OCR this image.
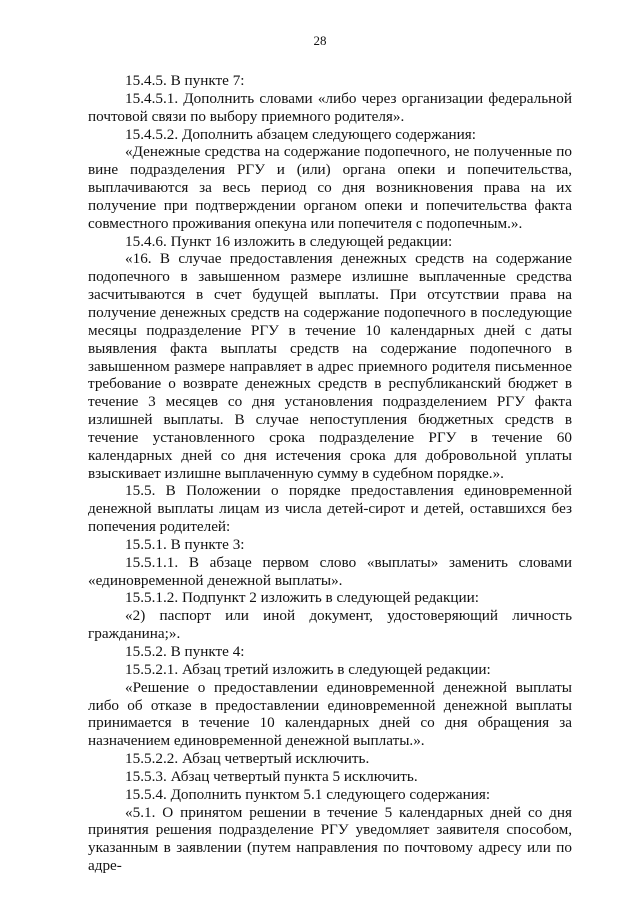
28

15.4.5. В пункте 7:

15.4.5.1. Дополнить словами «либо через организации федеральной почтовой связи по выбору приемного родителя».

15.4.5.2. Дополнить абзацем следующего содержания:

«Денежные средства на содержание подопечного, не полученные по вине подразделения РГУ и (или) органа опеки и попечительства, выплачиваются за весь период со дня возникновения права на их получение при подтверждении органом опеки и попечительства факта совместного проживания опекуна или попечителя с подопечным.».

15.4.6. Пункт 16 изложить в следующей редакции:

«16. В случае предоставления денежных средств на содержание подопечного в завышенном размере излишне выплаченные средства засчитываются в счет будущей выплаты. При отсутствии права на получение денежных средств на содержание подопечного в последующие месяцы подразделение РГУ в течение 10 календарных дней с даты выявления факта выплаты средств на содержание подопечного в завышенном размере направляет в адрес приемного родителя письменное требование о возврате денежных средств в республиканский бюджет в течение 3 месяцев со дня установления подразделением РГУ факта излишней выплаты. В случае непоступления бюджетных средств в течение установленного срока подразделение РГУ в течение 60 календарных дней со дня истечения срока для добровольной уплаты взыскивает излишне выплаченную сумму в судебном порядке.».

15.5. В Положении о порядке предоставления единовременной денежной выплаты лицам из числа детей-сирот и детей, оставшихся без попечения родителей:

15.5.1. В пункте 3:

15.5.1.1. В абзаце первом слово «выплаты» заменить словами «единовременной денежной выплаты».

15.5.1.2. Подпункт 2 изложить в следующей редакции:

«2) паспорт или иной документ, удостоверяющий личность гражданина;».

15.5.2. В пункте 4:

15.5.2.1. Абзац третий изложить в следующей редакции:

«Решение о предоставлении единовременной денежной выплаты либо об отказе в предоставлении единовременной денежной выплаты принимается в течение 10 календарных дней со дня обращения за назначением единовременной денежной выплаты.».

15.5.2.2. Абзац четвертый исключить.

15.5.3. Абзац четвертый пункта 5 исключить.

15.5.4. Дополнить пунктом 5.1 следующего содержания:

«5.1. О принятом решении в течение 5 календарных дней со дня принятия решения подразделение РГУ уведомляет заявителя способом, указанным в заявлении (путем направления по почтовому адресу или по адре-
